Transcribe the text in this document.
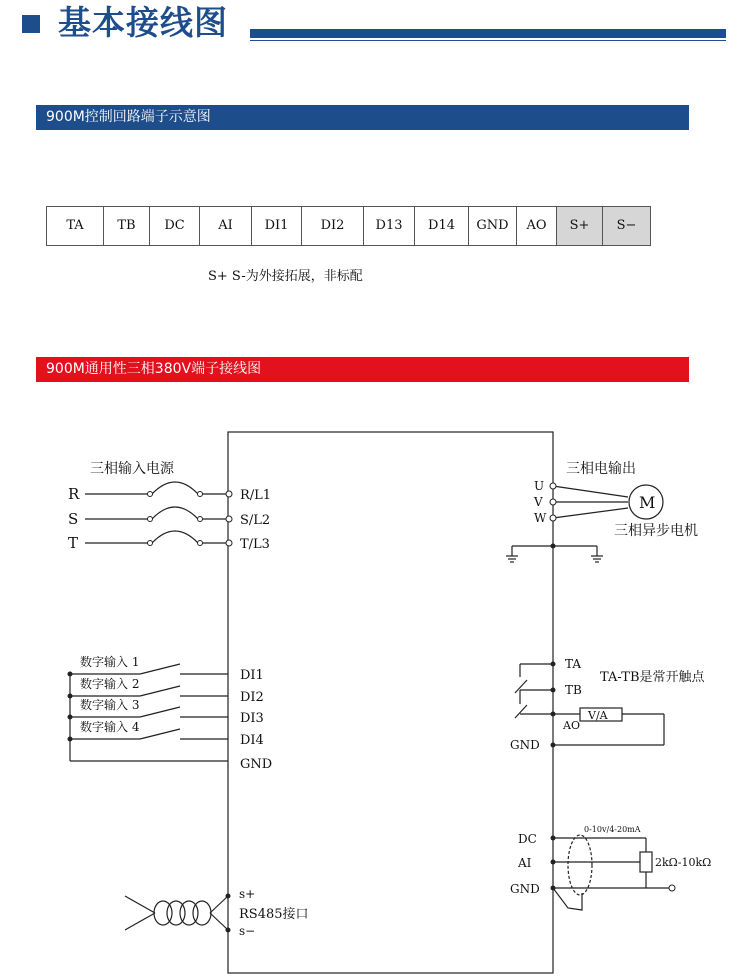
基本接线图
900M控制回路端子示意图
TA	TB	DC	AI	DI1	DI2	D13	D14	GND	AO	S+	S−
S+ S-为外接拓展，非标配
900M通用性三相380V端子接线图
三相输入电源
R
S
T
R/L1
S/L2
T/L3
三相电输出
U
V
W
M
三相异步电机
数字输入 1
数字输入 2
数字输入 3
数字输入 4
DI1
DI2
DI3
DI4
GND
TA
TB
TA-TB是常开触点
AO
V/A
GND
DC
AI
GND
0-10v/4-20mA
2kΩ-10kΩ
s+
RS485接口
s−
